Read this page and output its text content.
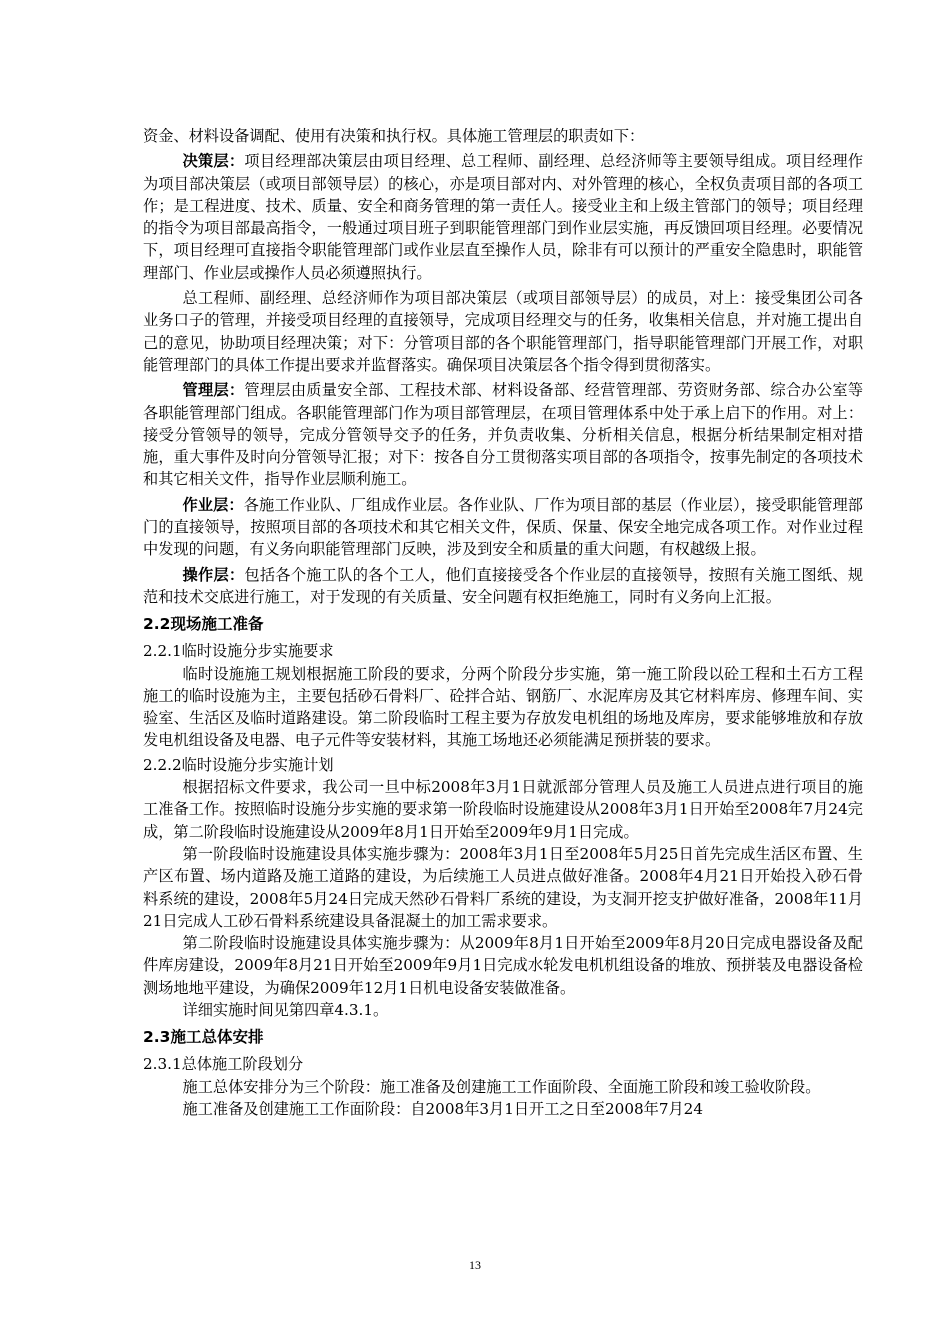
资金、材料设备调配、使用有决策和执行权。具体施工管理层的职责如下：

决策层：项目经理部决策层由项目经理、总工程师、副经理、总经济师等主要领导组成。项目经理作为项目部决策层（或项目部领导层）的核心，亦是项目部对内、对外管理的核心，全权负责项目部的各项工作；是工程进度、技术、质量、安全和商务管理的第一责任人。接受业主和上级主管部门的领导；项目经理的指令为项目部最高指令，一般通过项目班子到职能管理部门到作业层实施，再反馈回项目经理。必要情况下，项目经理可直接指令职能管理部门或作业层直至操作人员，除非有可以预计的严重安全隐患时，职能管理部门、作业层或操作人员必须遵照执行。

总工程师、副经理、总经济师作为项目部决策层（或项目部领导层）的成员，对上：接受集团公司各业务口子的管理，并接受项目经理的直接领导，完成项目经理交与的任务，收集相关信息，并对施工提出自己的意见，协助项目经理决策；对下：分管项目部的各个职能管理部门，指导职能管理部门开展工作，对职能管理部门的具体工作提出要求并监督落实。确保项目决策层各个指令得到贯彻落实。

管理层：管理层由质量安全部、工程技术部、材料设备部、经营管理部、劳资财务部、综合办公室等各职能管理部门组成。各职能管理部门作为项目部管理层，在项目管理体系中处于承上启下的作用。对上：接受分管领导的领导，完成分管领导交予的任务，并负责收集、分析相关信息，根据分析结果制定相对措施，重大事件及时向分管领导汇报；对下：按各自分工贯彻落实项目部的各项指令，按事先制定的各项技术和其它相关文件，指导作业层顺利施工。

作业层：各施工作业队、厂组成作业层。各作业队、厂作为项目部的基层（作业层），接受职能管理部门的直接领导，按照项目部的各项技术和其它相关文件，保质、保量、保安全地完成各项工作。对作业过程中发现的问题，有义务向职能管理部门反映，涉及到安全和质量的重大问题，有权越级上报。

操作层：包括各个施工队的各个工人，他们直接接受各个作业层的直接领导，按照有关施工图纸、规范和技术交底进行施工，对于发现的有关质量、安全问题有权拒绝施工，同时有义务向上汇报。

2.2现场施工准备
2.2.1临时设施分步实施要求

临时设施施工规划根据施工阶段的要求，分两个阶段分步实施，第一施工阶段以砼工程和土石方工程施工的临时设施为主，主要包括砂石骨料厂、砼拌合站、钢筋厂、水泥库房及其它材料库房、修理车间、实验室、生活区及临时道路建设。第二阶段临时工程主要为存放发电机组的场地及库房，要求能够堆放和存放发电机组设备及电器、电子元件等安装材料，其施工场地还必须能满足预拼装的要求。

2.2.2临时设施分步实施计划

根据招标文件要求，我公司一旦中标2008年3月1日就派部分管理人员及施工人员进点进行项目的施工准备工作。按照临时设施分步实施的要求第一阶段临时设施建设从2008年3月1日开始至2008年7月24完成，第二阶段临时设施建设从2009年8月1日开始至2009年9月1日完成。

第一阶段临时设施建设具体实施步骤为：2008年3月1日至2008年5月25日首先完成生活区布置、生产区布置、场内道路及施工道路的建设，为后续施工人员进点做好准备。2008年4月21日开始投入砂石骨料系统的建设，2008年5月24日完成天然砂石骨料厂系统的建设，为支洞开挖支护做好准备，2008年11月21日完成人工砂石骨料系统建设具备混凝土的加工需求要求。

第二阶段临时设施建设具体实施步骤为：从2009年8月1日开始至2009年8月20日完成电器设备及配件库房建设，2009年8月21日开始至2009年9月1日完成水轮发电机机组设备的堆放、预拼装及电器设备检测场地地平建设，为确保2009年12月1日机电设备安装做准备。

详细实施时间见第四章4.3.1。

2.3施工总体安排
2.3.1总体施工阶段划分

施工总体安排分为三个阶段：施工准备及创建施工工作面阶段、全面施工阶段和竣工验收阶段。

施工准备及创建施工工作面阶段：自2008年3月1日开工之日至2008年7月24

13
